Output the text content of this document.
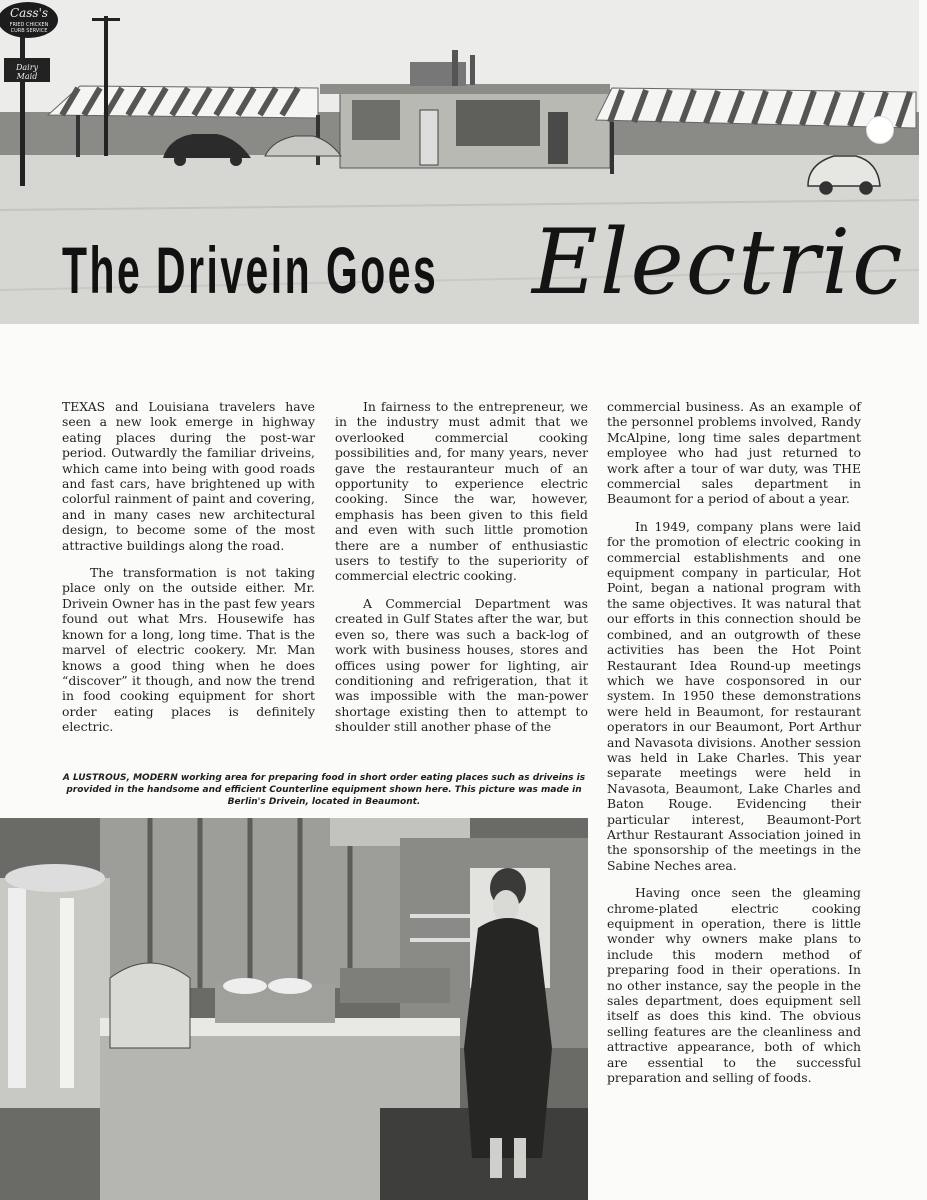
Cass's
FRIED CHICKEN CURB SERVICE
Dairy Maid
The Drivein Goes Electric

TEXAS and Louisiana travelers have seen a new look emerge in highway eating places during the post-war period. Outwardly the familiar driveins, which came into being with good roads and fast cars, have brightened up with colorful rainment of paint and covering, and in many cases new architectural design, to become some of the most attractive buildings along the road.

The transformation is not taking place only on the outside either. Mr. Drivein Owner has in the past few years found out what Mrs. Housewife has known for a long, long time. That is the marvel of electric cookery. Mr. Man knows a good thing when he does “discover” it though, and now the trend in food cooking equipment for short order eating places is definitely electric.

In fairness to the entrepreneur, we in the industry must admit that we overlooked commercial cooking possibilities and, for many years, never gave the restauranteur much of an opportunity to experience electric cooking. Since the war, however, emphasis has been given to this field and even with such little promotion there are a number of enthusiastic users to testify to the superiority of commercial electric cooking.

A Commercial Department was created in Gulf States after the war, but even so, there was such a back-log of work with business houses, stores and offices using power for lighting, air conditioning and refrigeration, that it was impossible with the man-power shortage existing then to attempt to shoulder still another phase of the

commercial business. As an example of the personnel problems involved, Randy McAlpine, long time sales department employee who had just returned to work after a tour of war duty, was THE commercial sales department in Beaumont for a period of about a year.

In 1949, company plans were laid for the promotion of electric cooking in commercial establishments and one equipment company in particular, Hot Point, began a national program with the same objectives. It was natural that our efforts in this connection should be combined, and an outgrowth of these activities has been the Hot Point Restaurant Idea Round-up meetings which we have cosponsored in our system. In 1950 these demonstrations were held in Beaumont, for restaurant operators in our Beaumont, Port Arthur and Navasota divisions. Another session was held in Lake Charles. This year separate meetings were held in Navasota, Beaumont, Lake Charles and Baton Rouge. Evidencing their particular interest, Beaumont-Port Arthur Restaurant Association joined in the sponsorship of the meetings in the Sabine Neches area.

Having once seen the gleaming chrome-plated electric cooking equipment in operation, there is little wonder why owners make plans to include this modern method of preparing food in their operations. In no other instance, say the people in the sales department, does equipment sell itself as does this kind. The obvious selling features are the cleanliness and attractive appearance, both of which are essential to the successful preparation and selling of foods.

A LUSTROUS, MODERN working area for preparing food in short order eating places such as driveins is provided in the handsome and efficient Counterline equipment shown here. This picture was made in Berlin's Drivein, located in Beaumont.
